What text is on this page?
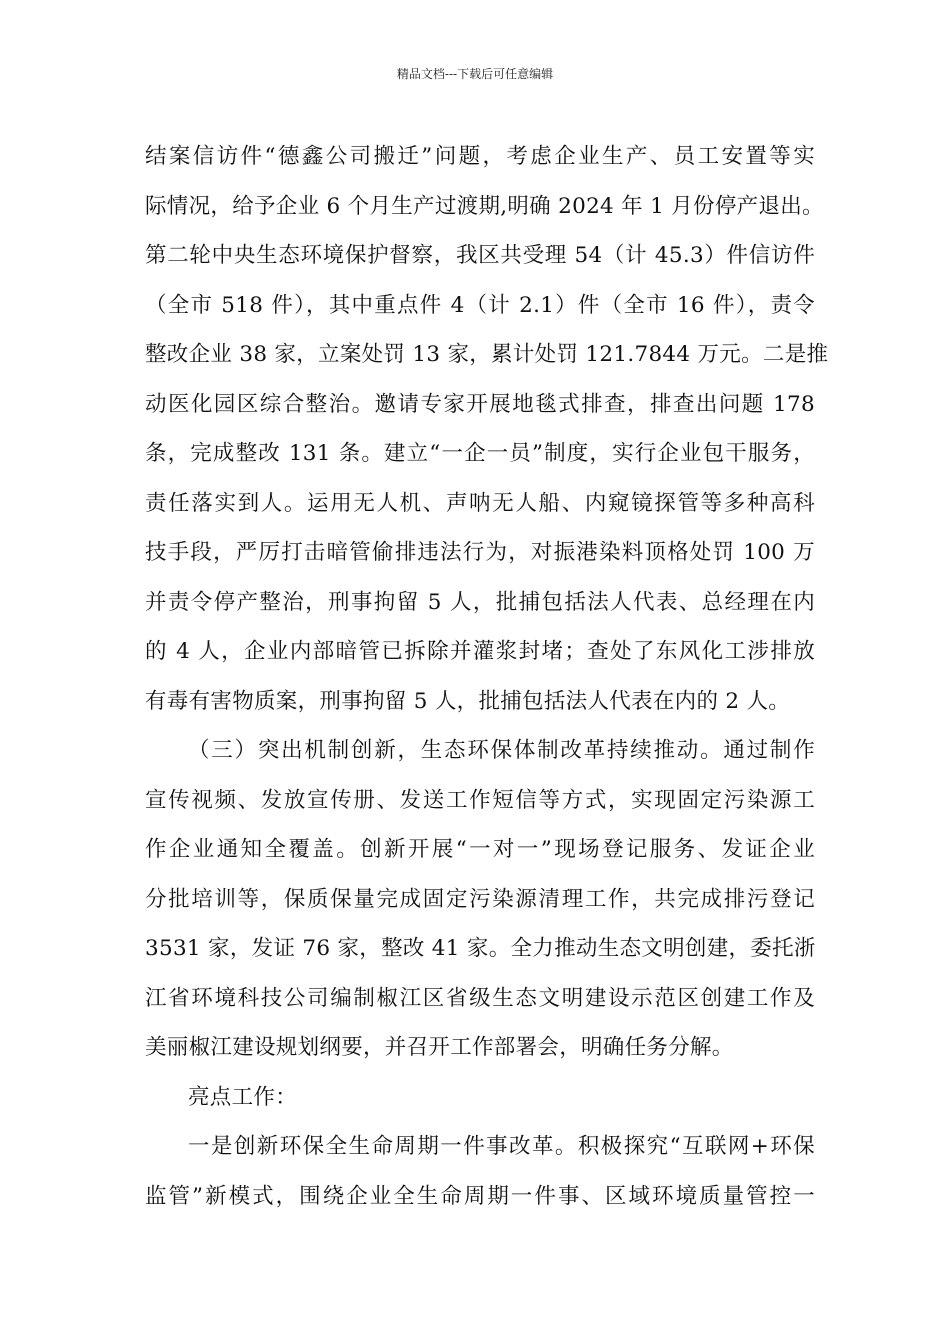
精品文档---下载后可任意编辑
结案信访件“德鑫公司搬迁”问题，考虑企业生产、员工安置等实
际情况，给予企业 6 个月生产过渡期,明确 2024 年 1 月份停产退出。
第二轮中央生态环境保护督察，我区共受理 54（计 45.3）件信访件
（全市 518 件），其中重点件 4（计 2.1）件（全市 16 件），责令
整改企业 38 家，立案处罚 13 家，累计处罚 121.7844 万元。二是推
动医化园区综合整治。邀请专家开展地毯式排查，排查出问题 178
条，完成整改 131 条。建立“一企一员”制度，实行企业包干服务，
责任落实到人。运用无人机、声呐无人船、内窥镜探管等多种高科
技手段，严厉打击暗管偷排违法行为，对振港染料顶格处罚 100 万
并责令停产整治，刑事拘留 5 人，批捕包括法人代表、总经理在内
的 4 人，企业内部暗管已拆除并灌浆封堵；查处了东风化工涉排放
有毒有害物质案，刑事拘留 5 人，批捕包括法人代表在内的 2 人。
（三）突出机制创新，生态环保体制改革持续推动。通过制作
宣传视频、发放宣传册、发送工作短信等方式，实现固定污染源工
作企业通知全覆盖。创新开展“一对一”现场登记服务、发证企业
分批培训等，保质保量完成固定污染源清理工作，共完成排污登记
3531 家，发证 76 家，整改 41 家。全力推动生态文明创建，委托浙
江省环境科技公司编制椒江区省级生态文明建设示范区创建工作及
美丽椒江建设规划纲要，并召开工作部署会，明确任务分解。
亮点工作：
一是创新环保全生命周期一件事改革。积极探究“互联网+环保
监管”新模式，围绕企业全生命周期一件事、区域环境质量管控一
